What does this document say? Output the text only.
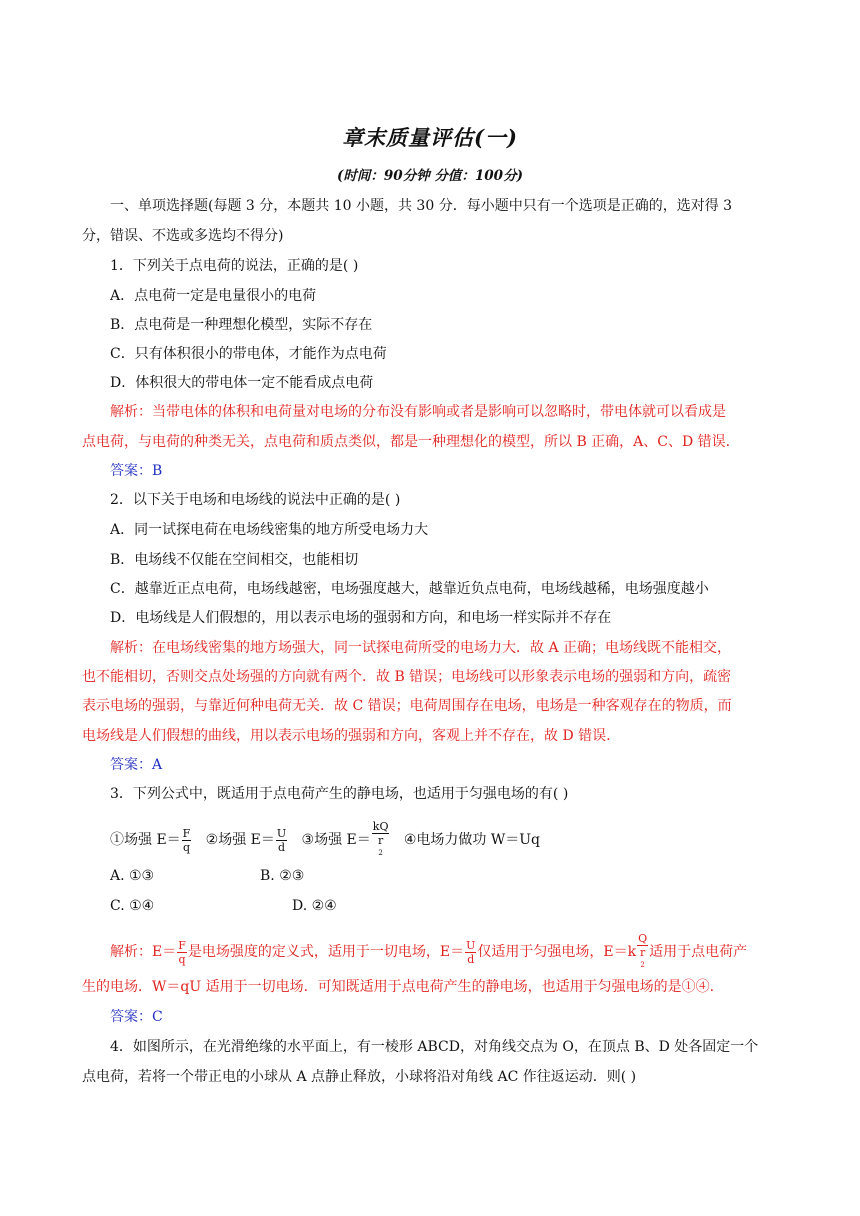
章末质量评估(一)
(时间：90分钟 分值：100分)
一、单项选择题(每题 3 分，本题共 10 小题，共 30 分．每小题中只有一个选项是正确的，选对得 3
分，错误、不选或多选均不得分)
1．下列关于点电荷的说法，正确的是( )
A．点电荷一定是电量很小的电荷
B．点电荷是一种理想化模型，实际不存在
C．只有体积很小的带电体，才能作为点电荷
D．体积很大的带电体一定不能看成点电荷
解析：当带电体的体积和电荷量对电场的分布没有影响或者是影响可以忽略时，带电体就可以看成是
点电荷，与电荷的种类无关，点电荷和质点类似，都是一种理想化的模型，所以 B 正确，A、C、D 错误.
答案：B
2．以下关于电场和电场线的说法中正确的是( )
A．同一试探电荷在电场线密集的地方所受电场力大
B．电场线不仅能在空间相交，也能相切
C．越靠近正点电荷，电场线越密，电场强度越大，越靠近负点电荷，电场线越稀，电场强度越小
D．电场线是人们假想的，用以表示电场的强弱和方向，和电场一样实际并不存在
解析：在电场线密集的地方场强大，同一试探电荷所受的电场力大．故 A 正确；电场线既不能相交，
也不能相切，否则交点处场强的方向就有两个．故 B 错误；电场线可以形象表示电场的强弱和方向，疏密
表示电场的强弱，与靠近何种电荷无关．故 C 错误；电荷周围存在电场，电场是一种客观存在的物质，而
电场线是人们假想的曲线，用以表示电场的强弱和方向，客观上并不存在，故 D 错误.
答案：A
3．下列公式中，既适用于点电荷产生的静电场，也适用于匀强电场的有( )
①场强 $E= \frac{F}{q}$ ②场强 $E= \frac{U}{d}$ ③场强 E＝ kQ
r
2 ④电场力做功 W＝Uq
A. ①③	B. ②③
C. ①④	D. ②④
解析：$E= \frac{F}{q}$ 是电场强度的定义式，适用于一切电场，$E= \frac{U}{d}$ 仅适用于匀强电场，E＝k Q
r
2 适用于点电荷产
生的电场．W＝qU 适用于一切电场．可知既适用于点电荷产生的静电场，也适用于匀强电场的是①④.
答案：C
4．如图所示，在光滑绝缘的水平面上，有一棱形 ABCD，对角线交点为 O，在顶点 B、D 处各固定一个
点电荷，若将一个带正电的小球从 A 点静止释放，小球将沿对角线 AC 作往返运动．则( )
